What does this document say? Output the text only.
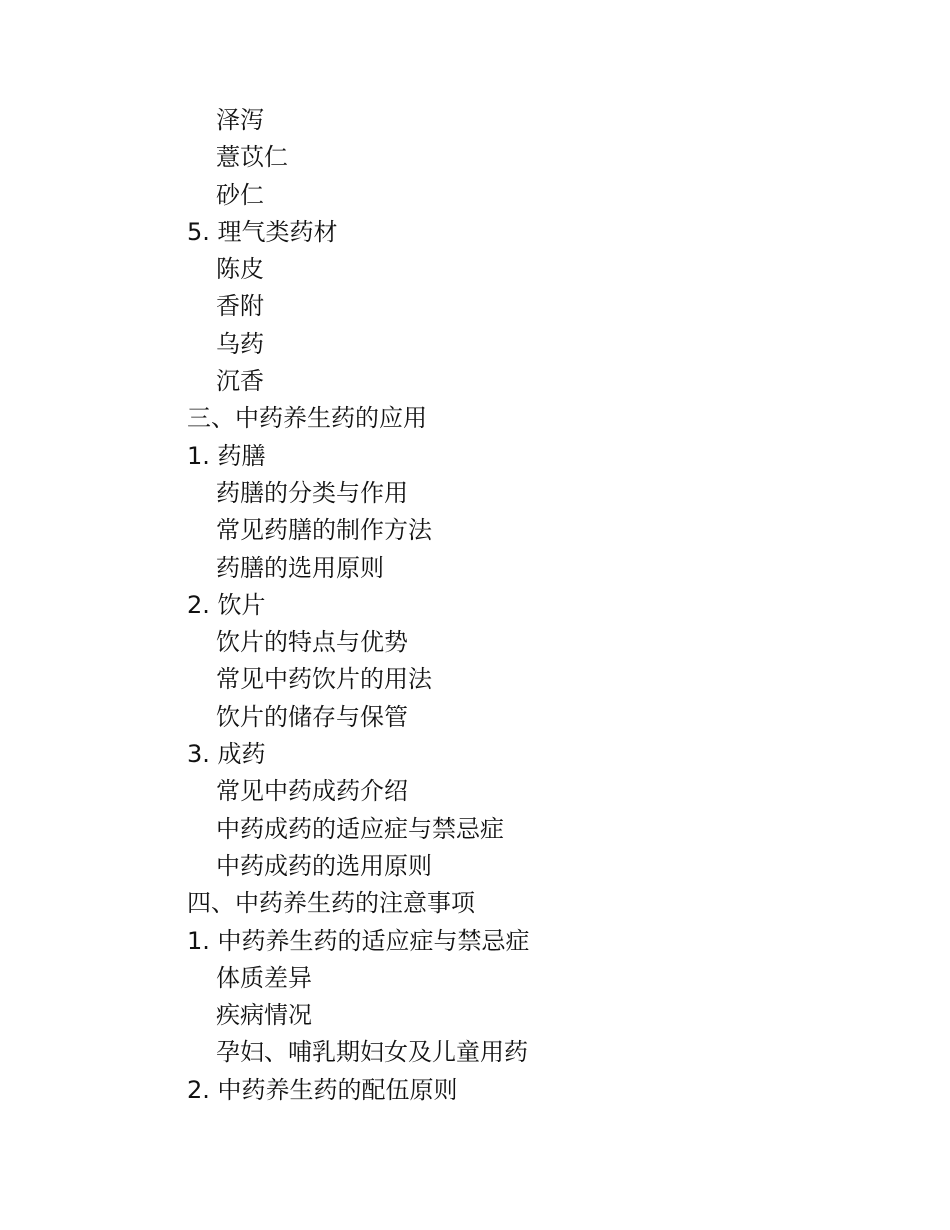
泽泻
薏苡仁
砂仁
5. 理气类药材
陈皮
香附
乌药
沉香
三、中药养生药的应用
1. 药膳
药膳的分类与作用
常见药膳的制作方法
药膳的选用原则
2. 饮片
饮片的特点与优势
常见中药饮片的用法
饮片的储存与保管
3. 成药
常见中药成药介绍
中药成药的适应症与禁忌症
中药成药的选用原则
四、中药养生药的注意事项
1. 中药养生药的适应症与禁忌症
体质差异
疾病情况
孕妇、哺乳期妇女及儿童用药
2. 中药养生药的配伍原则
